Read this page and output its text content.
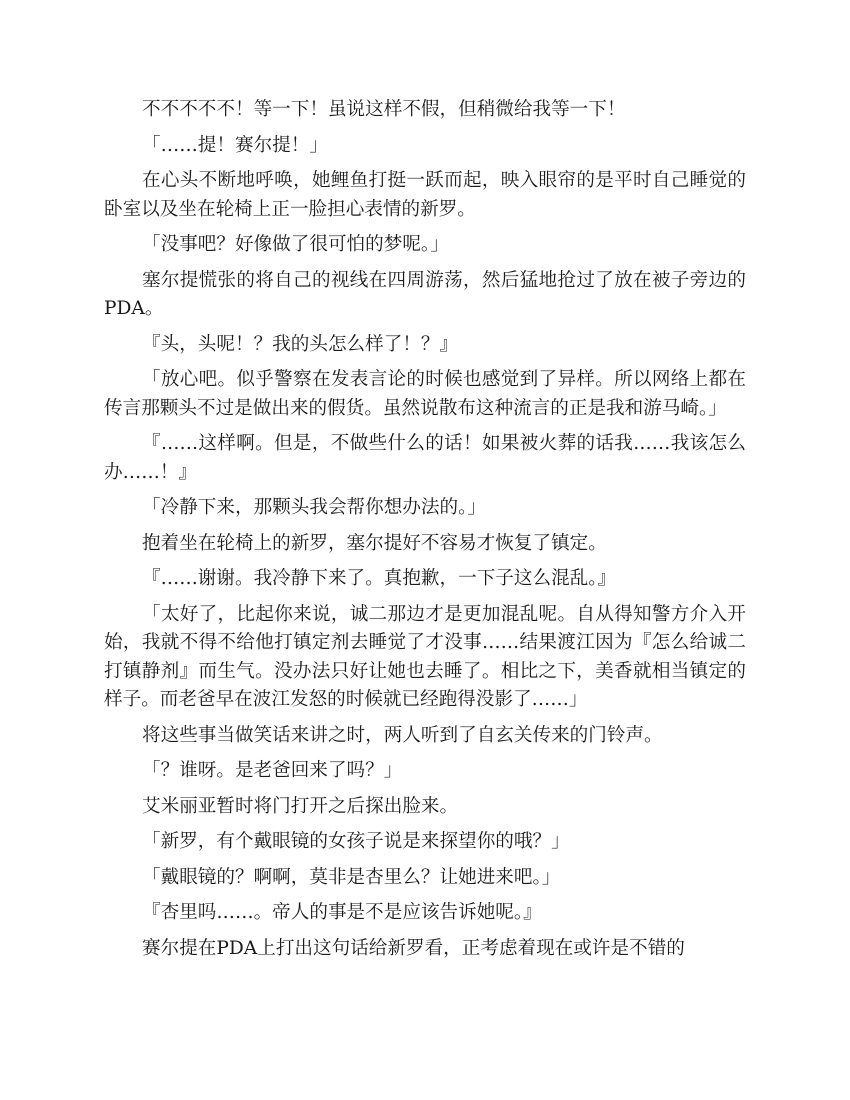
不不不不不！等一下！虽说这样不假，但稍微给我等一下！

「……提！赛尔提！」

在心头不断地呼唤，她鲤鱼打挺一跃而起，映入眼帘的是平时自己睡觉的卧室以及坐在轮椅上正一脸担心表情的新罗。

「没事吧？好像做了很可怕的梦呢。」

塞尔提慌张的将自己的视线在四周游荡，然后猛地抢过了放在被子旁边的PDA。

『头，头呢！？我的头怎么样了！？』

「放心吧。似乎警察在发表言论的时候也感觉到了异样。所以网络上都在传言那颗头不过是做出来的假货。虽然说散布这种流言的正是我和游马崎。」

『……这样啊。但是，不做些什么的话！如果被火葬的话我……我该怎么办……！』

「冷静下来，那颗头我会帮你想办法的。」

抱着坐在轮椅上的新罗，塞尔提好不容易才恢复了镇定。

『……谢谢。我冷静下来了。真抱歉，一下子这么混乱。』

「太好了，比起你来说，诚二那边才是更加混乱呢。自从得知警方介入开始，我就不得不给他打镇定剂去睡觉了才没事……结果渡江因为『怎么给诚二打镇静剂』而生气。没办法只好让她也去睡了。相比之下，美香就相当镇定的样子。而老爸早在波江发怒的时候就已经跑得没影了……」

将这些事当做笑话来讲之时，两人听到了自玄关传来的门铃声。

「？谁呀。是老爸回来了吗？」

艾米丽亚暂时将门打开之后探出脸来。

「新罗，有个戴眼镜的女孩子说是来探望你的哦？」

「戴眼镜的？啊啊，莫非是杏里么？让她进来吧。」

『杏里吗……。帝人的事是不是应该告诉她呢。』

赛尔提在PDA上打出这句话给新罗看，正考虑着现在或许是不错的
